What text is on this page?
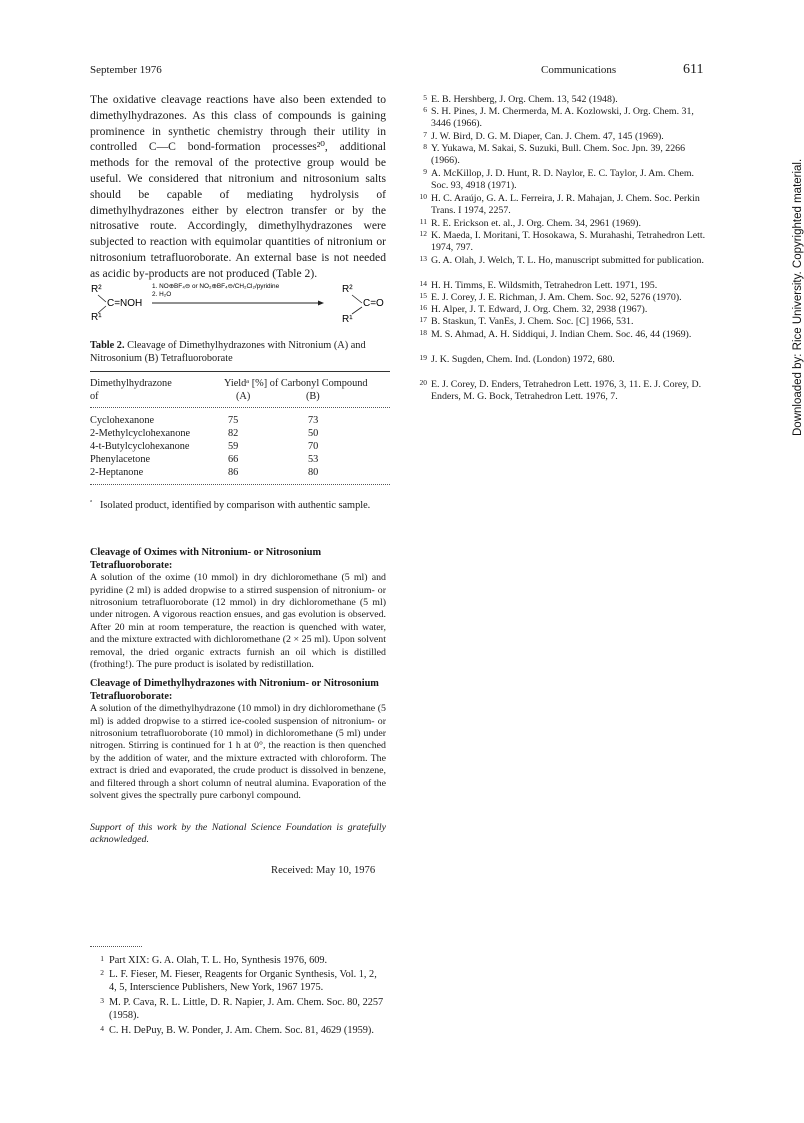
September 1976	Communications	611
The oxidative cleavage reactions have also been extended to dimethylhydrazones. As this class of compounds is gaining prominence in synthetic chemistry through their utility in controlled C—C bond-formation processes²⁰, additional methods for the removal of the protective group would be useful. We considered that nitronium and nitrosonium salts should be capable of mediating hydrolysis of dimethylhydrazones either by electron transfer or by the nitrosative route. Accordingly, dimethylhydrazones were subjected to reaction with equimolar quantities of nitronium or nitrosonium tetrafluoroborate. An external base is not needed as acidic by-products are not produced (Table 2).
R²
C=NOH
R¹
1. NO⊕BF₄⊖ or NO₂⊕BF₄⊖/CH₂Cl₂/pyridine
2. H₂O	R²
C=O
R¹
Table 2. Cleavage of Dimethylhydrazones with Nitronium (A) and Nitrosonium (B) Tetrafluoroborate
Dimethylhydrazone
of
Yieldᵃ [%] of Carbonyl Compound
(A)	(B)
Cyclohexanone	75	73
2-Methylcyclohexanone	82	50
4-t-Butylcyclohexanone	59	70
Phenylacetone	66	53
2-Heptanone	86	80
ᵃ Isolated product, identified by comparison with authentic sample.
Cleavage of Oximes with Nitronium- or Nitrosonium Tetrafluoroborate:
A solution of the oxime (10 mmol) in dry dichloromethane (5 ml) and pyridine (2 ml) is added dropwise to a stirred suspension of nitronium- or nitrosonium tetrafluoroborate (12 mmol) in dry dichloromethane (5 ml) under nitrogen. A vigorous reaction ensues, and gas evolution is observed. After 20 min at room temperature, the reaction is quenched with water, and the mixture extracted with dichloromethane (2 × 25 ml). Upon solvent removal, the dried organic extracts furnish an oil which is distilled (frothing!). The pure product is isolated by redistillation.
Cleavage of Dimethylhydrazones with Nitronium- or Nitrosonium Tetrafluoroborate:
A solution of the dimethylhydrazone (10 mmol) in dry dichloromethane (5 ml) is added dropwise to a stirred ice-cooled suspension of nitronium- or nitrosonium tetrafluoroborate (10 mmol) in dichloromethane (5 ml) under nitrogen. Stirring is continued for 1 h at 0°, the reaction is then quenched by the addition of water, and the mixture extracted with chloroform. The extract is dried and evaporated, the crude product is dissolved in benzene, and filtered through a short column of neutral alumina. Evaporation of the solvent gives the spectrally pure carbonyl compound.
Support of this work by the National Science Foundation is gratefully acknowledged.
Received: May 10, 1976
1 Part XIX: G. A. Olah, T. L. Ho, Synthesis 1976, 609.
2 L. F. Fieser, M. Fieser, Reagents for Organic Synthesis, Vol. 1, 2, 4, 5, Interscience Publishers, New York, 1967 1975.
3 M. P. Cava, R. L. Little, D. R. Napier, J. Am. Chem. Soc. 80, 2257 (1958).
4 C. H. DePuy, B. W. Ponder, J. Am. Chem. Soc. 81, 4629 (1959).
5 E. B. Hershberg, J. Org. Chem. 13, 542 (1948).
6 S. H. Pines, J. M. Chermerda, M. A. Kozlowski, J. Org. Chem. 31, 3446 (1966).
7 J. W. Bird, D. G. M. Diaper, Can. J. Chem. 47, 145 (1969).
8 Y. Yukawa, M. Sakai, S. Suzuki, Bull. Chem. Soc. Jpn. 39, 2266 (1966).
9 A. McKillop, J. D. Hunt, R. D. Naylor, E. C. Taylor, J. Am. Chem. Soc. 93, 4918 (1971).
10 H. C. Araújo, G. A. L. Ferreira, J. R. Mahajan, J. Chem. Soc. Perkin Trans. I 1974, 2257.
11 R. E. Erickson et. al., J. Org. Chem. 34, 2961 (1969).
12 K. Maeda, I. Moritani, T. Hosokawa, S. Murahashi, Tetrahedron Lett. 1974, 797.
13 G. A. Olah, J. Welch, T. L. Ho, manuscript submitted for publication.
14 H. H. Timms, E. Wildsmith, Tetrahedron Lett. 1971, 195.
15 E. J. Corey, J. E. Richman, J. Am. Chem. Soc. 92, 5276 (1970).
16 H. Alper, J. T. Edward, J. Org. Chem. 32, 2938 (1967).
17 B. Staskun, T. VanEs, J. Chem. Soc. [C] 1966, 531.
18 M. S. Ahmad, A. H. Siddiqui, J. Indian Chem. Soc. 46, 44 (1969).
19 J. K. Sugden, Chem. Ind. (London) 1972, 680.
20 E. J. Corey, D. Enders, Tetrahedron Lett. 1976, 3, 11. E. J. Corey, D. Enders, M. G. Bock, Tetrahedron Lett. 1976, 7.	Downloaded by: Rice University. Copyrighted material.
